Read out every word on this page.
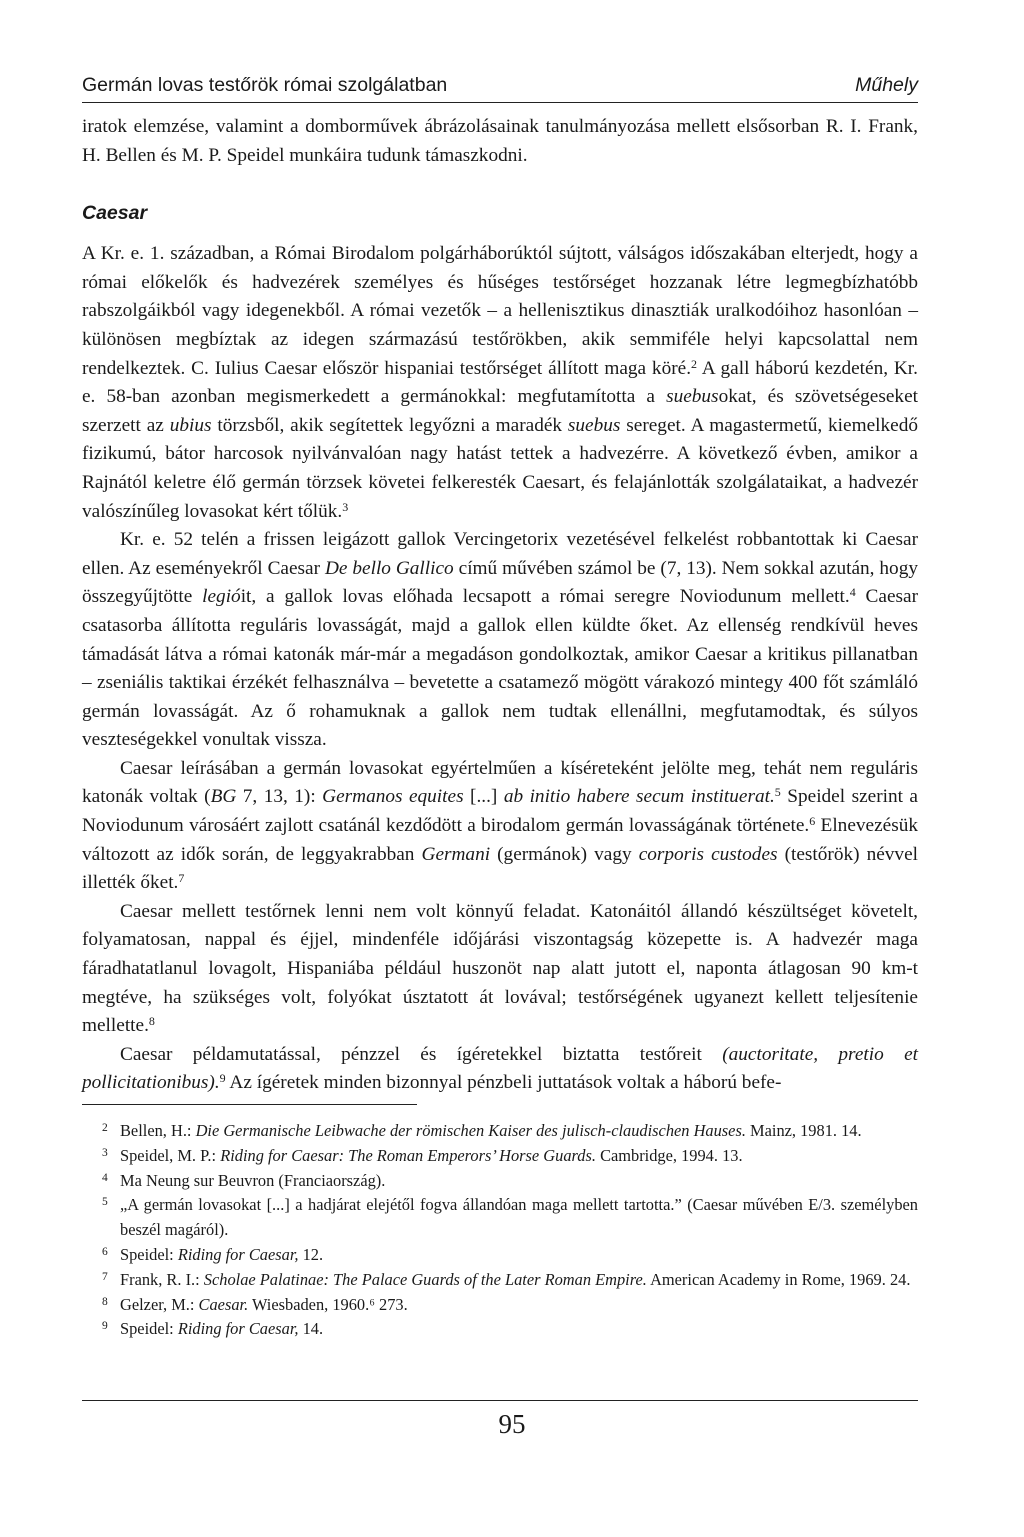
Germán lovas testőrök római szolgálatban	Műhely

iratok elemzése, valamint a domborművek ábrázolásainak tanulmányozása mellett elsősorban R. I. Frank, H. Bellen és M. P. Speidel munkáira tudunk támaszkodni.

Caesar

A Kr. e. 1. században, a Római Birodalom polgárháborúktól sújtott, válságos időszakában elterjedt, hogy a római előkelők és hadvezérek személyes és hűséges testőrséget hozzanak létre legmegbízhatóbb rabszolgáikból vagy idegenekből. A római vezetők – a hellenisztikus dinasztiák uralkodóihoz hasonlóan – különösen megbíztak az idegen származású testőrökben, akik semmiféle helyi kapcsolattal nem rendelkeztek. C. Iulius Caesar először hispaniai testőrséget állított maga köré.$^2$ A gall háború kezdetén, Kr. e. 58-ban azonban megismerkedett a germánokkal: megfutamította a suebusokat, és szövetségeseket szerzett az ubius törzsből, akik segítettek legyőzni a maradék suebus sereget. A magastermetű, kiemelkedő fizikumú, bátor harcosok nyilvánvalóan nagy hatást tettek a hadvezérre. A következő évben, amikor a Rajnától keletre élő germán törzsek követei felkeresték Caesart, és felajánlották szolgálataikat, a hadvezér valószínűleg lovasokat kért tőlük.$^3$

Kr. e. 52 telén a frissen leigázott gallok Vercingetorix vezetésével felkelést robbantottak ki Caesar ellen. Az eseményekről Caesar De bello Gallico című művében számol be (7, 13). Nem sokkal azután, hogy összegyűjtötte legióit, a gallok lovas előhada lecsapott a római seregre Noviodunum mellett.$^4$ Caesar csatasorba állította reguláris lovasságát, majd a gallok ellen küldte őket. Az ellenség rendkívül heves támadását látva a római katonák már-már a megadáson gondolkoztak, amikor Caesar a kritikus pillanatban – zseniális taktikai érzékét felhasználva – bevetette a csatamező mögött várakozó mintegy 400 főt számláló germán lovasságát. Az ő rohamuknak a gallok nem tudtak ellenállni, megfutamodtak, és súlyos veszteségekkel vonultak vissza.

Caesar leírásában a germán lovasokat egyértelműen a kíséreteként jelölte meg, tehát nem reguláris katonák voltak (BG 7, 13, 1): Germanos equites [...] ab initio habere secum instituerat.$^5$ Speidel szerint a Noviodunum városáért zajlott csatánál kezdődött a birodalom germán lovasságának története.$^6$ Elnevezésük változott az idők során, de leggyakrabban Germani (germánok) vagy corporis custodes (testőrök) névvel illették őket.$^7$

Caesar mellett testőrnek lenni nem volt könnyű feladat. Katonáitól állandó készültséget követelt, folyamatosan, nappal és éjjel, mindenféle időjárási viszontagság közepette is. A hadvezér maga fáradhatatlanul lovagolt, Hispaniába például huszonöt nap alatt jutott el, naponta átlagosan 90 km-t megtéve, ha szükséges volt, folyókat úsztatott át lovával; testőrségének ugyanezt kellett teljesítenie mellette.$^8$

Caesar példamutatással, pénzzel és ígéretekkel biztatta testőreit (auctoritate, pretio et pollicitationibus).$^9$ Az ígéretek minden bizonnyal pénzbeli juttatások voltak a háború befe-

2 Bellen, H.: Die Germanische Leibwache der römischen Kaiser des julisch-claudischen Hauses. Mainz, 1981. 14.
3 Speidel, M. P.: Riding for Caesar: The Roman Emperors’ Horse Guards. Cambridge, 1994. 13.
4 Ma Neung sur Beuvron (Franciaország).
5 „A germán lovasokat [...] a hadjárat elejétől fogva állandóan maga mellett tartotta.” (Caesar művében E/3. személyben beszél magáról).
6 Speidel: Riding for Caesar, 12.
7 Frank, R. I.: Scholae Palatinae: The Palace Guards of the Later Roman Empire. American Academy in Rome, 1969. 24.
8 Gelzer, M.: Caesar. Wiesbaden, 1960.⁶ 273.
9 Speidel: Riding for Caesar, 14.
95
